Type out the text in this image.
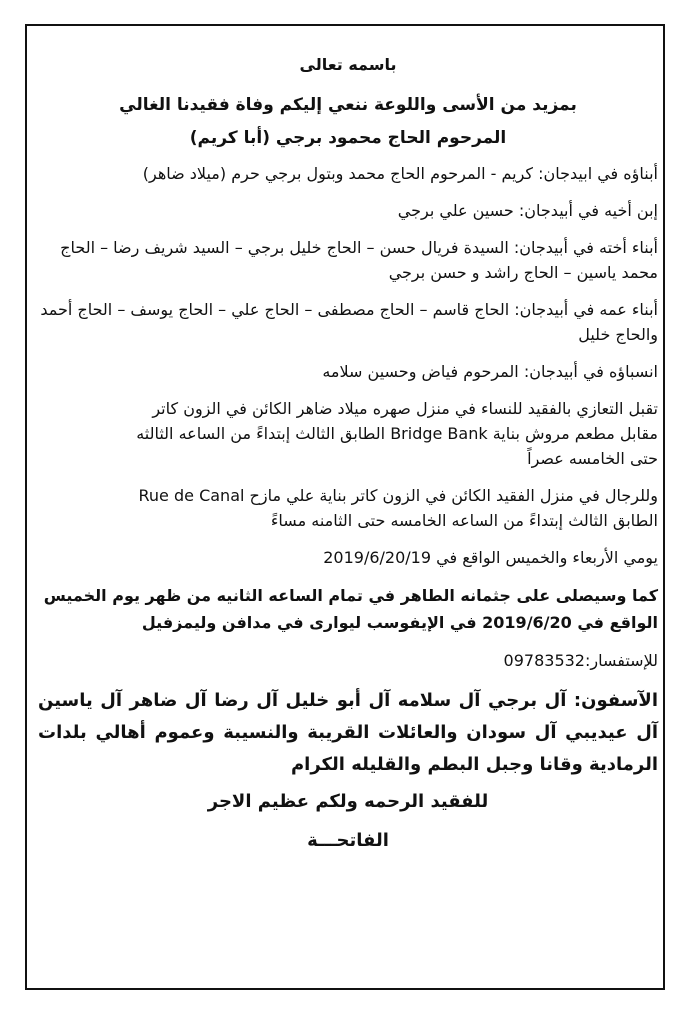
باسمه تعالى

بمزيد من الأسى واللوعة ننعي إليكم وفاة فقيدنا الغالي

المرحوم الحاج محمود برجي (أبا كريم)

أبناؤه في ابيدجان: كريم - المرحوم الحاج محمد وبتول برجي حرم (ميلاد ضاهر)

إبن أخيه في أبيدجان: حسين علي برجي

أبناء أخته في أبيدجان: السيدة فريال حسن – الحاج خليل برجي – السيد شريف رضا – الحاج محمد ياسين – الحاج راشد و حسن برجي

أبناء عمه في أبيدجان: الحاج قاسم – الحاج مصطفى – الحاج علي – الحاج يوسف – الحاج أحمد والحاج خليل

انسباؤه في أبيدجان: المرحوم فياض وحسين سلامه

تقبل التعازي بالفقيد للنساء في منزل صهره ميلاد ضاهر الكائن في الزون كاتر

مقابل مطعم مروش بناية Bridge Bank الطابق الثالث إبتداءً من الساعه الثالثه

حتى الخامسه عصراً

وللرجال في منزل الفقيد الكائن في الزون كاتر بناية علي مازح Rue de Canal

الطابق الثالث إبتداءً من الساعه الخامسه حتى الثامنه مساءً

يومي الأربعاء والخميس الواقع في 2019/6/20/19

كما وسيصلى على جثمانه الطاهر في تمام الساعه الثانيه من ظهر يوم الخميس الواقع في 2019/6/20 في الإيفوسب ليوارى في مدافن وليمزفيل

للإستفسار:09783532

الآسفون: آل برجي آل سلامه آل أبو خليل آل رضا آل ضاهر آل ياسين آل عيديبي آل سودان والعائلات القريبة والنسيبة وعموم أهالي بلدات الرمادية وقانا وجبل البطم والقليله الكرام

للفقيد الرحمه ولكم عظيم الاجر

الفاتحـــة
